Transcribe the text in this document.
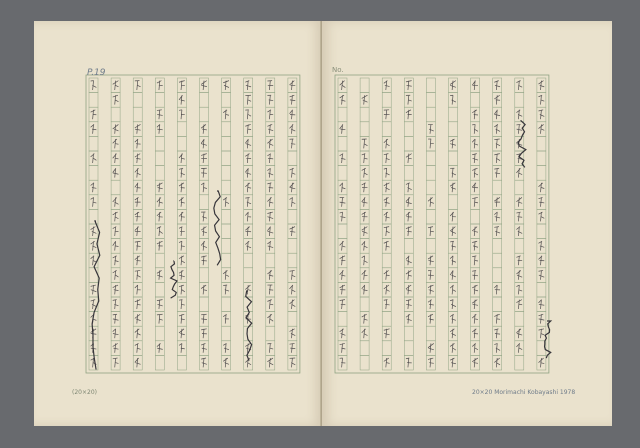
P.19
(20×20)
No.
20×20 Morimachi Kobayashi 1978
